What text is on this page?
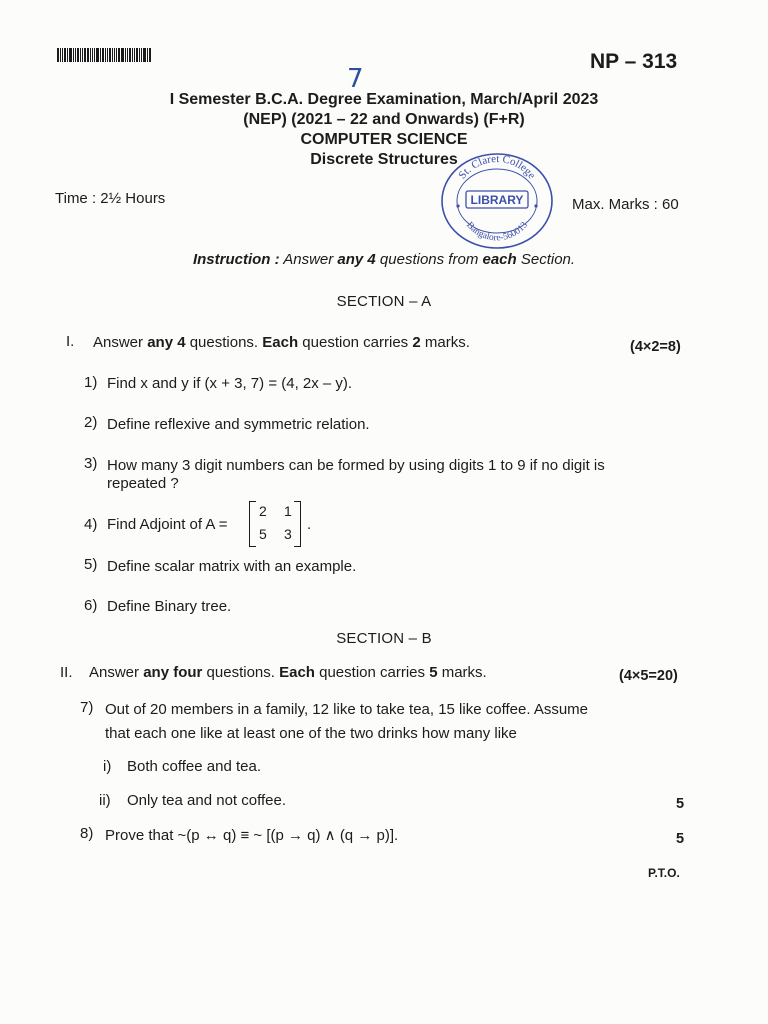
NP – 313
7
I Semester B.C.A. Degree Examination, March/April 2023
(NEP) (2021 – 22 and Onwards) (F+R)
COMPUTER SCIENCE
Discrete Structures
St. Claret College
LIBRARY
Bangalore-560013
Time : 2½ Hours	Max. Marks : 60
Instruction : Answer any 4 questions from each Section.
SECTION – A
I. Answer any 4 questions. Each question carries 2 marks.	(4×2=8)
1) Find x and y if (x + 3, 7) = (4, 2x – y).
2) Define reflexive and symmetric relation.
3) How many 3 digit numbers can be formed by using digits 1 to 9 if no digit is
repeated ?
4) Find Adjoint of A =
2 1
5 3
.
5) Define scalar matrix with an example.
6) Define Binary tree.
SECTION – B
II. Answer any four questions. Each question carries 5 marks.	(4×5=20)
7) Out of 20 members in a family, 12 like to take tea, 15 like coffee. Assume
that each one like at least one of the two drinks how many like
i) Both coffee and tea.
ii) Only tea and not coffee.	5
8) Prove that ~(p ↔ q) ≡ ~ [(p → q) ∧ (q → p)].	5
P.T.O.
